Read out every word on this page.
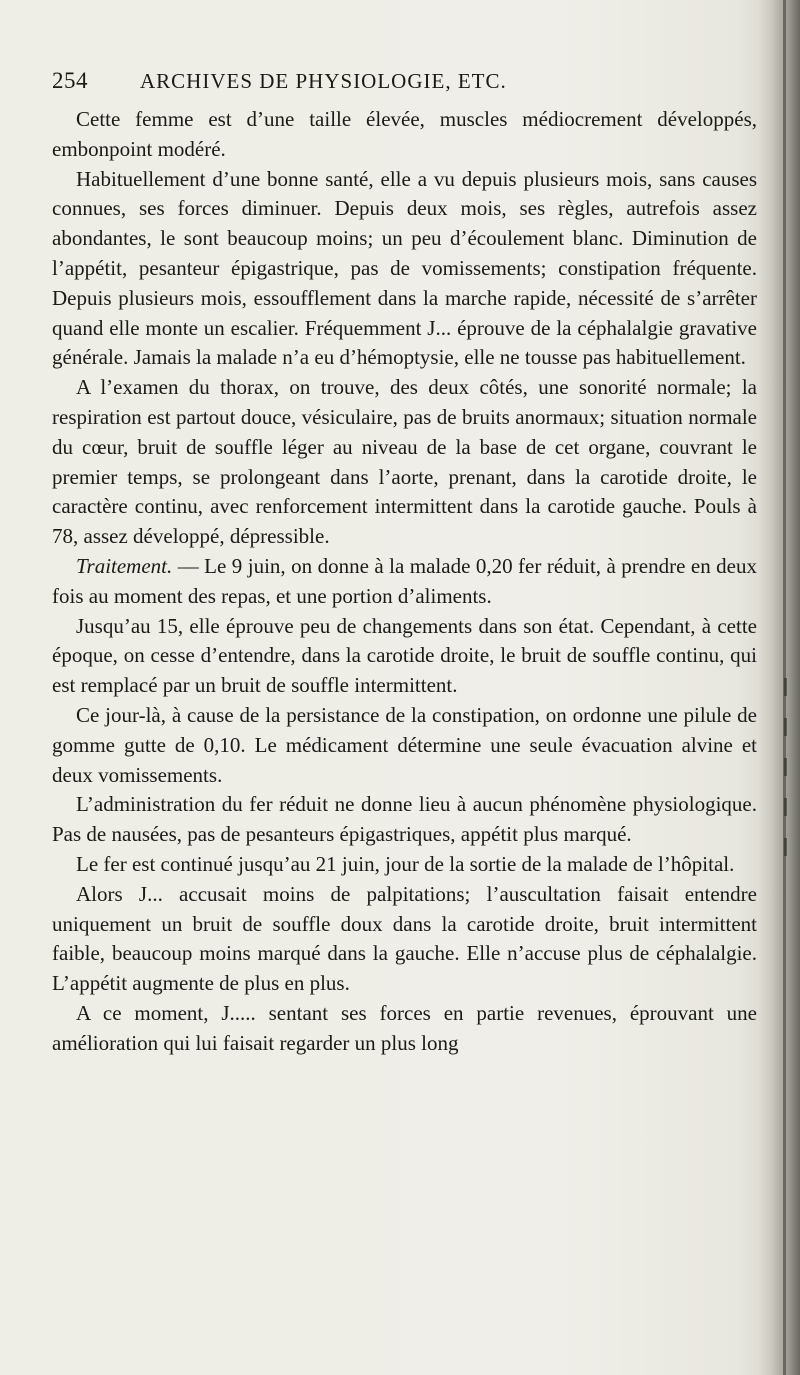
254 ARCHIVES DE PHYSIOLOGIE, ETC.

Cette femme est d’une taille élevée, muscles médiocrement développés, embonpoint modéré.

Habituellement d’une bonne santé, elle a vu depuis plusieurs mois, sans causes connues, ses forces diminuer. Depuis deux mois, ses règles, autrefois assez abondantes, le sont beaucoup moins; un peu d’écoulement blanc. Diminution de l’appétit, pesanteur épigastrique, pas de vomissements; constipation fréquente. Depuis plusieurs mois, essoufflement dans la marche rapide, nécessité de s’arrêter quand elle monte un escalier. Fréquemment J... éprouve de la céphalalgie gravative générale. Jamais la malade n’a eu d’hémoptysie, elle ne tousse pas habituellement.

A l’examen du thorax, on trouve, des deux côtés, une sonorité normale; la respiration est partout douce, vésiculaire, pas de bruits anormaux; situation normale du cœur, bruit de souffle léger au niveau de la base de cet organe, couvrant le premier temps, se prolongeant dans l’aorte, prenant, dans la carotide droite, le caractère continu, avec renforcement intermittent dans la carotide gauche. Pouls à 78, assez développé, dépressible.

Traitement. — Le 9 juin, on donne à la malade 0,20 fer réduit, à prendre en deux fois au moment des repas, et une portion d’aliments.

Jusqu’au 15, elle éprouve peu de changements dans son état. Cependant, à cette époque, on cesse d’entendre, dans la carotide droite, le bruit de souffle continu, qui est remplacé par un bruit de souffle intermittent.

Ce jour-là, à cause de la persistance de la constipation, on ordonne une pilule de gomme gutte de 0,10. Le médicament détermine une seule évacuation alvine et deux vomissements.

L’administration du fer réduit ne donne lieu à aucun phénomène physiologique. Pas de nausées, pas de pesanteurs épigastriques, appétit plus marqué.

Le fer est continué jusqu’au 21 juin, jour de la sortie de la malade de l’hôpital.

Alors J... accusait moins de palpitations; l’auscultation faisait entendre uniquement un bruit de souffle doux dans la carotide droite, bruit intermittent faible, beaucoup moins marqué dans la gauche. Elle n’accuse plus de céphalalgie. L’appétit augmente de plus en plus.

A ce moment, J..... sentant ses forces en partie revenues, éprouvant une amélioration qui lui faisait regarder un plus long
